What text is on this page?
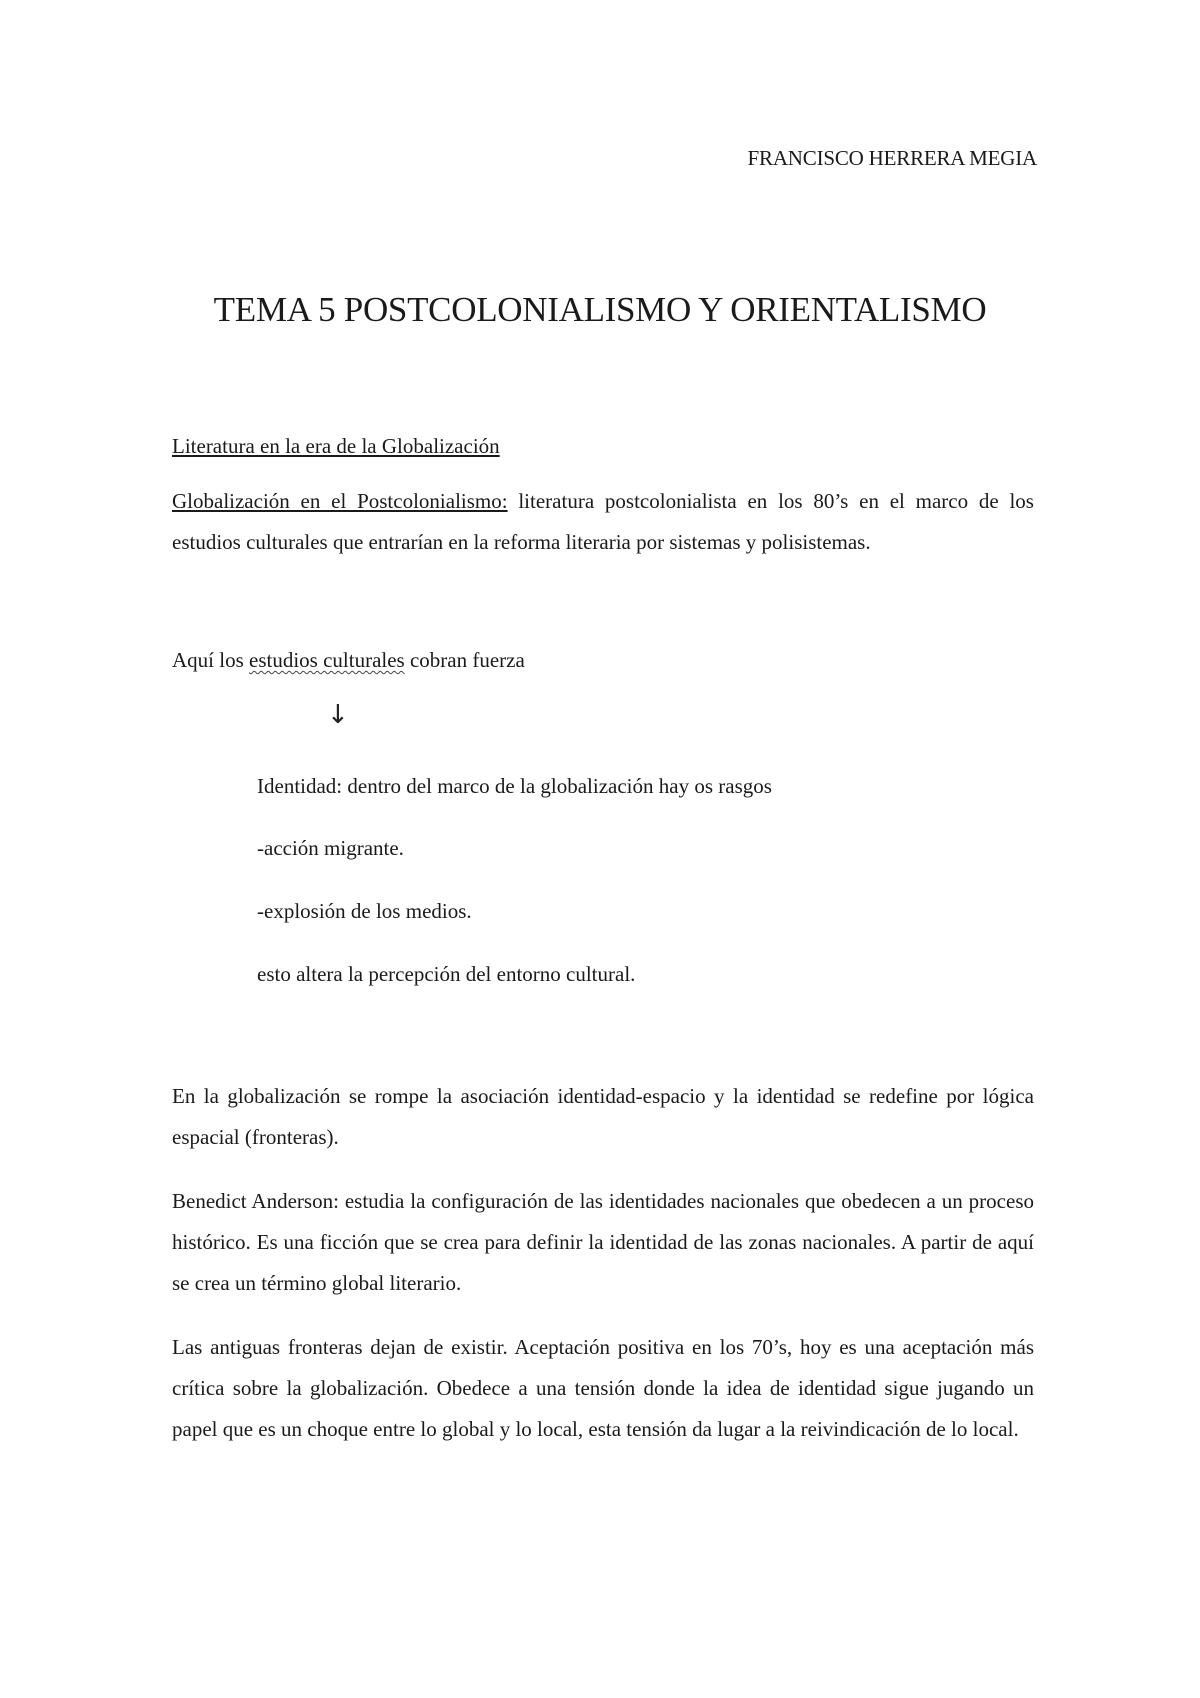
FRANCISCO HERRERA MEGIA
TEMA 5 POSTCOLONIALISMO Y ORIENTALISMO
Literatura en la era de la Globalización

Globalización en el Postcolonialismo: literatura postcolonialista en los 80’s en el marco de los estudios culturales que entrarían en la reforma literaria por sistemas y polisistemas.

Aquí los estudios culturales cobran fuerza

↓

Identidad: dentro del marco de la globalización hay os rasgos

-acción migrante.

-explosión de los medios.

esto altera la percepción del entorno cultural.

En la globalización se rompe la asociación identidad-espacio y la identidad se redefine por lógica espacial (fronteras).

Benedict Anderson: estudia la configuración de las identidades nacionales que obedecen a un proceso histórico. Es una ficción que se crea para definir la identidad de las zonas nacionales. A partir de aquí se crea un término global literario.

Las antiguas fronteras dejan de existir. Aceptación positiva en los 70’s, hoy es una aceptación más crítica sobre la globalización. Obedece a una tensión donde la idea de identidad sigue jugando un papel que es un choque entre lo global y lo local, esta tensión da lugar a la reivindicación de lo local.
